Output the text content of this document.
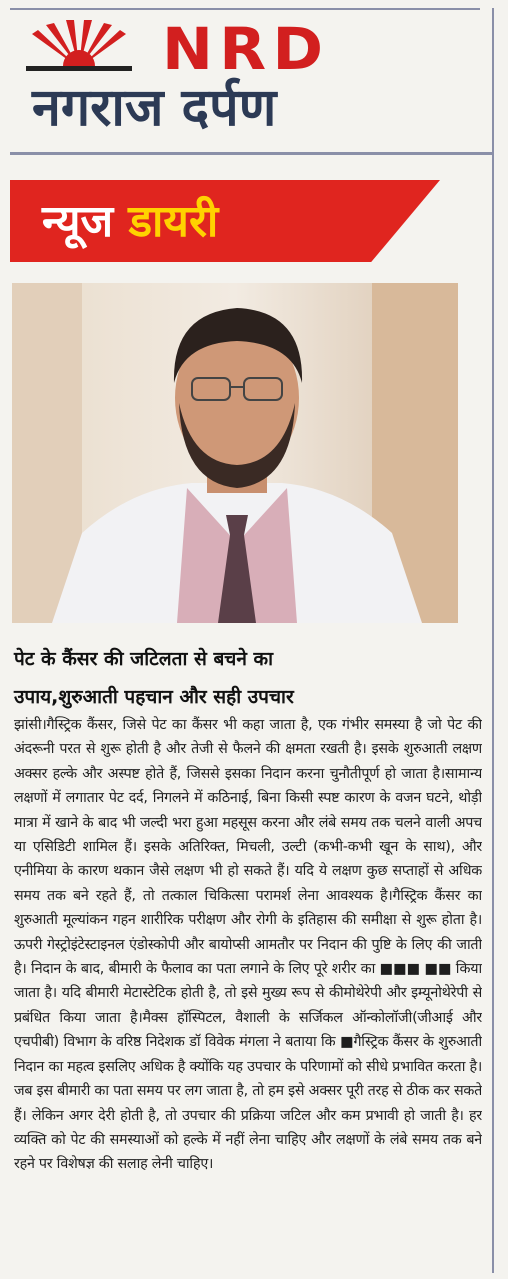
NRD
नगराज दर्पण
न्यूज डायरी
पेट के कैंसर की जटिलता से बचने का
उपाय,शुरुआती पहचान और सही उपचार
झांसी।गैस्ट्रिक कैंसर, जिसे पेट का कैंसर भी कहा जाता है, एक गंभीर समस्या है जो पेट की अंदरूनी परत से शुरू होती है और तेजी से फैलने की क्षमता रखती है। इसके शुरुआती लक्षण अक्सर हल्के और अस्पष्ट होते हैं, जिससे इसका निदान करना चुनौतीपूर्ण हो जाता है।सामान्य लक्षणों में लगातार पेट दर्द, निगलने में कठिनाई, बिना किसी स्पष्ट कारण के वजन घटने, थोड़ी मात्रा में खाने के बाद भी जल्दी भरा हुआ महसूस करना और लंबे समय तक चलने वाली अपच या एसिडिटी शामिल हैं। इसके अतिरिक्त, मिचली, उल्टी (कभी-कभी खून के साथ), और एनीमिया के कारण थकान जैसे लक्षण भी हो सकते हैं। यदि ये लक्षण कुछ सप्ताहों से अधिक समय तक बने रहते हैं, तो तत्काल चिकित्सा परामर्श लेना आवश्यक है।गैस्ट्रिक कैंसर का शुरुआती मूल्यांकन गहन शारीरिक परीक्षण और रोगी के इतिहास की समीक्षा से शुरू होता है। ऊपरी गेस्ट्रोइंटेस्टाइनल एंडोस्कोपी और बायोप्सी आमतौर पर निदान की पुष्टि के लिए की जाती है। निदान के बाद, बीमारी के फैलाव का पता लगाने के लिए पूरे शरीर का ■■■ ■■ किया जाता है। यदि बीमारी मेटास्टेटिक होती है, तो इसे मुख्य रूप से कीमोथेरेपी और इम्यूनोथेरेपी से प्रबंधित किया जाता है।मैक्स हॉस्पिटल, वैशाली के सर्जिकल ऑन्कोलॉजी(जीआई और एचपीबी) विभाग के वरिष्ठ निदेशक डॉ विवेक मंगला ने बताया कि ■गैस्ट्रिक कैंसर के शुरुआती निदान का महत्व इसलिए अधिक है क्योंकि यह उपचार के परिणामों को सीधे प्रभावित करता है। जब इस बीमारी का पता समय पर लग जाता है, तो हम इसे अक्सर पूरी तरह से ठीक कर सकते हैं। लेकिन अगर देरी होती है, तो उपचार की प्रक्रिया जटिल और कम प्रभावी हो जाती है। हर व्यक्ति को पेट की समस्याओं को हल्के में नहीं लेना चाहिए और लक्षणों के लंबे समय तक बने रहने पर विशेषज्ञ की सलाह लेनी चाहिए।
